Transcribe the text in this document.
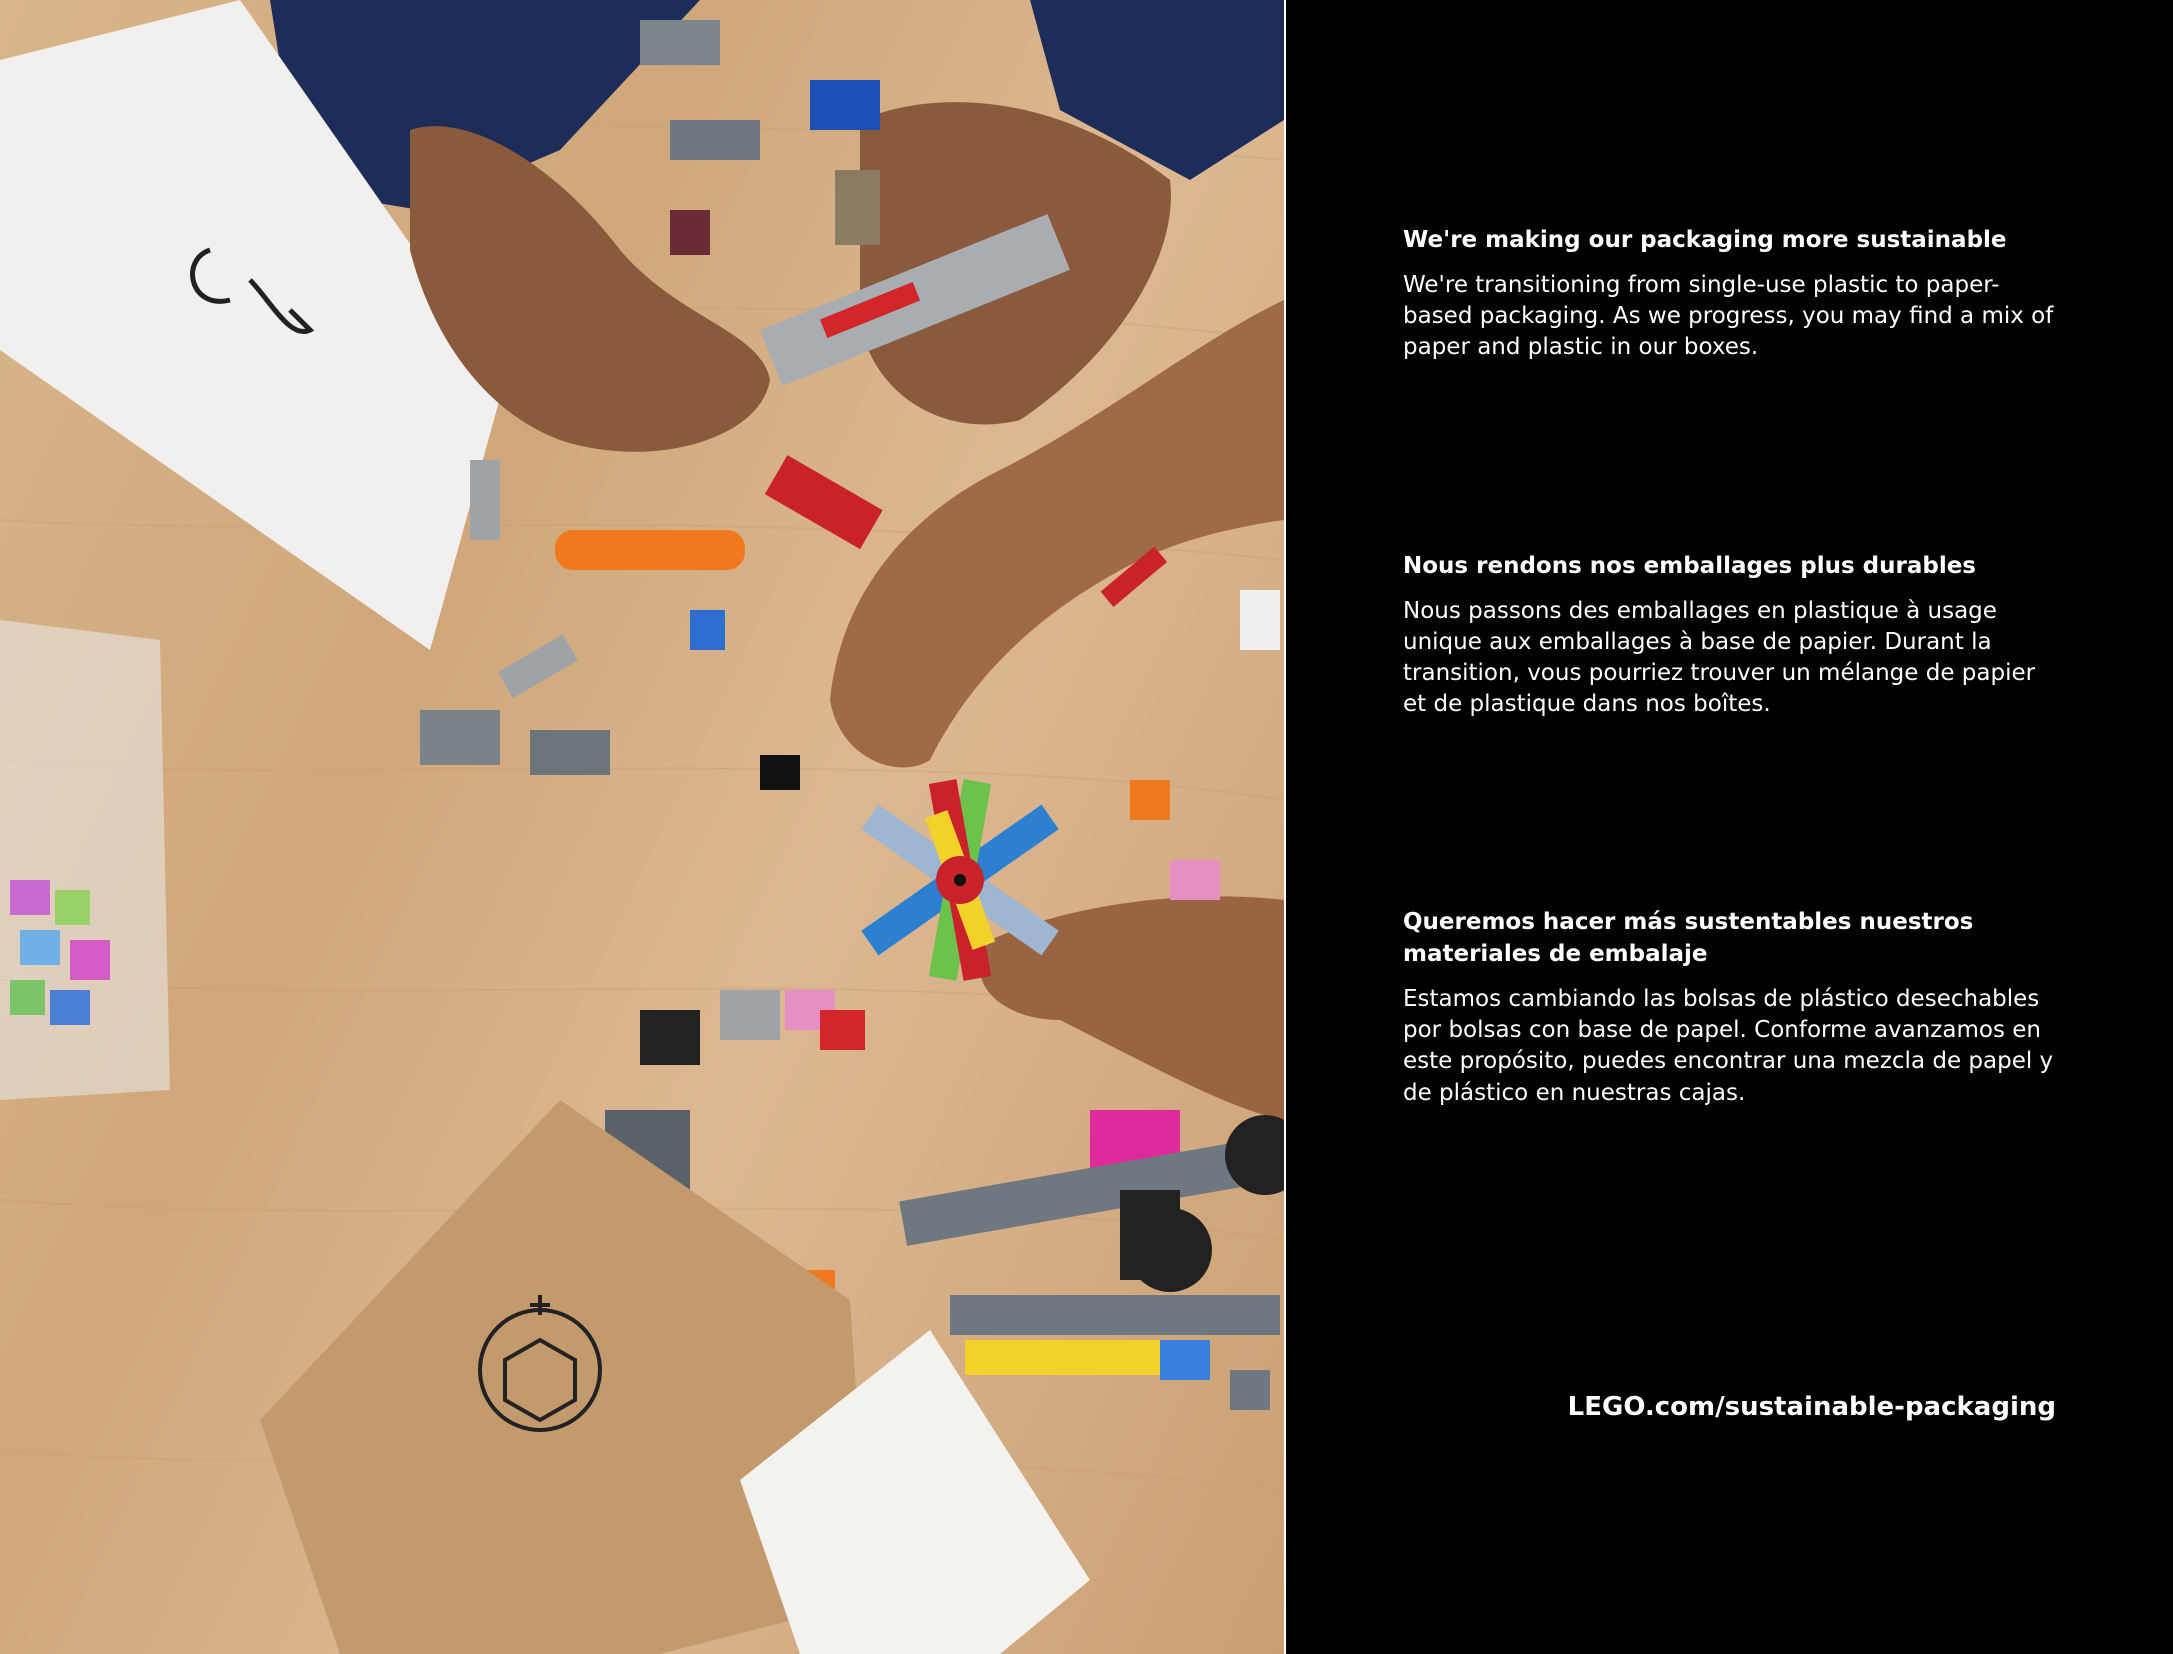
We're making our packaging more sustainable

We're transitioning from single-use plastic to paper-based packaging. As we progress, you may find a mix of paper and plastic in our boxes.

Nous rendons nos emballages plus durables

Nous passons des emballages en plastique à usage unique aux emballages à base de papier. Durant la transition, vous pourriez trouver un mélange de papier et de plastique dans nos boîtes.

Queremos hacer más sustentables nuestros materiales de embalaje

Estamos cambiando las bolsas de plástico desechables por bolsas con base de papel. Conforme avanzamos en este propósito, puedes encontrar una mezcla de papel y de plástico en nuestras cajas.

LEGO.com/sustainable-packaging
